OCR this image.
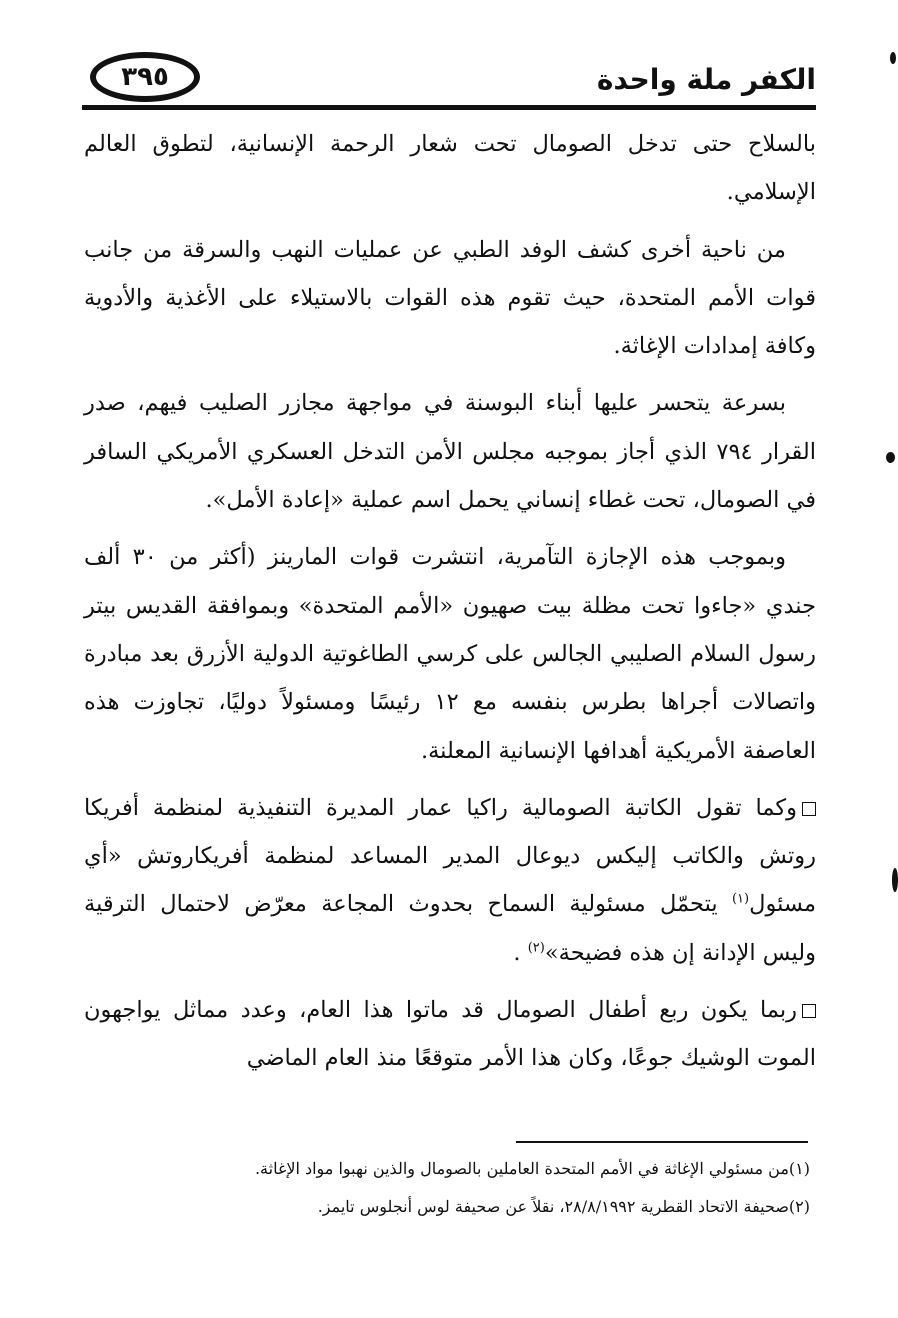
الكفر ملة واحدة
٣٩٥

بالسلاح حتى تدخل الصومال تحت شعار الرحمة الإنسانية، لتطوق العالم الإسلامي.

من ناحية أخرى كشف الوفد الطبي عن عمليات النهب والسرقة من جانب قوات الأمم المتحدة، حيث تقوم هذه القوات بالاستيلاء على الأغذية والأدوية وكافة إمدادات الإغاثة.

بسرعة يتحسر عليها أبناء البوسنة في مواجهة مجازر الصليب فيهم، صدر القرار ٧٩٤ الذي أجاز بموجبه مجلس الأمن التدخل العسكري الأمريكي السافر في الصومال، تحت غطاء إنساني يحمل اسم عملية «إعادة الأمل».

وبموجب هذه الإجازة التآمرية، انتشرت قوات المارينز (أكثر من ٣٠ ألف جندي «جاءوا تحت مظلة بيت صهيون «الأمم المتحدة» وبموافقة القديس بيتر رسول السلام الصليبي الجالس على كرسي الطاغوتية الدولية الأزرق بعد مبادرة واتصالات أجراها بطرس بنفسه مع ١٢ رئيسًا ومسئولاً دوليًا، تجاوزت هذه العاصفة الأمريكية أهدافها الإنسانية المعلنة.

وكما تقول الكاتبة الصومالية راكيا عمار المديرة التنفيذية لمنظمة أفريكا روتش والكاتب إليكس ديوعال المدير المساعد لمنظمة أفريكاروتش «أي مسئول$^{(١)}$ يتحمّل مسئولية السماح بحدوث المجاعة معرّض لاحتمال الترقية وليس الإدانة إن هذه فضيحة»$^{(٢)}$ .

ربما يكون ربع أطفال الصومال قد ماتوا هذا العام، وعدد مماثل يواجهون الموت الوشيك جوعًا، وكان هذا الأمر متوقعًا منذ العام الماضي

(١)من مسئولي الإغاثة في الأمم المتحدة العاملين بالصومال والذين نهبوا مواد الإغاثة.

(٢)صحيفة الاتحاد القطرية ٢٨/٨/١٩٩٢، نقلاً عن صحيفة لوس أنجلوس تايمز.
